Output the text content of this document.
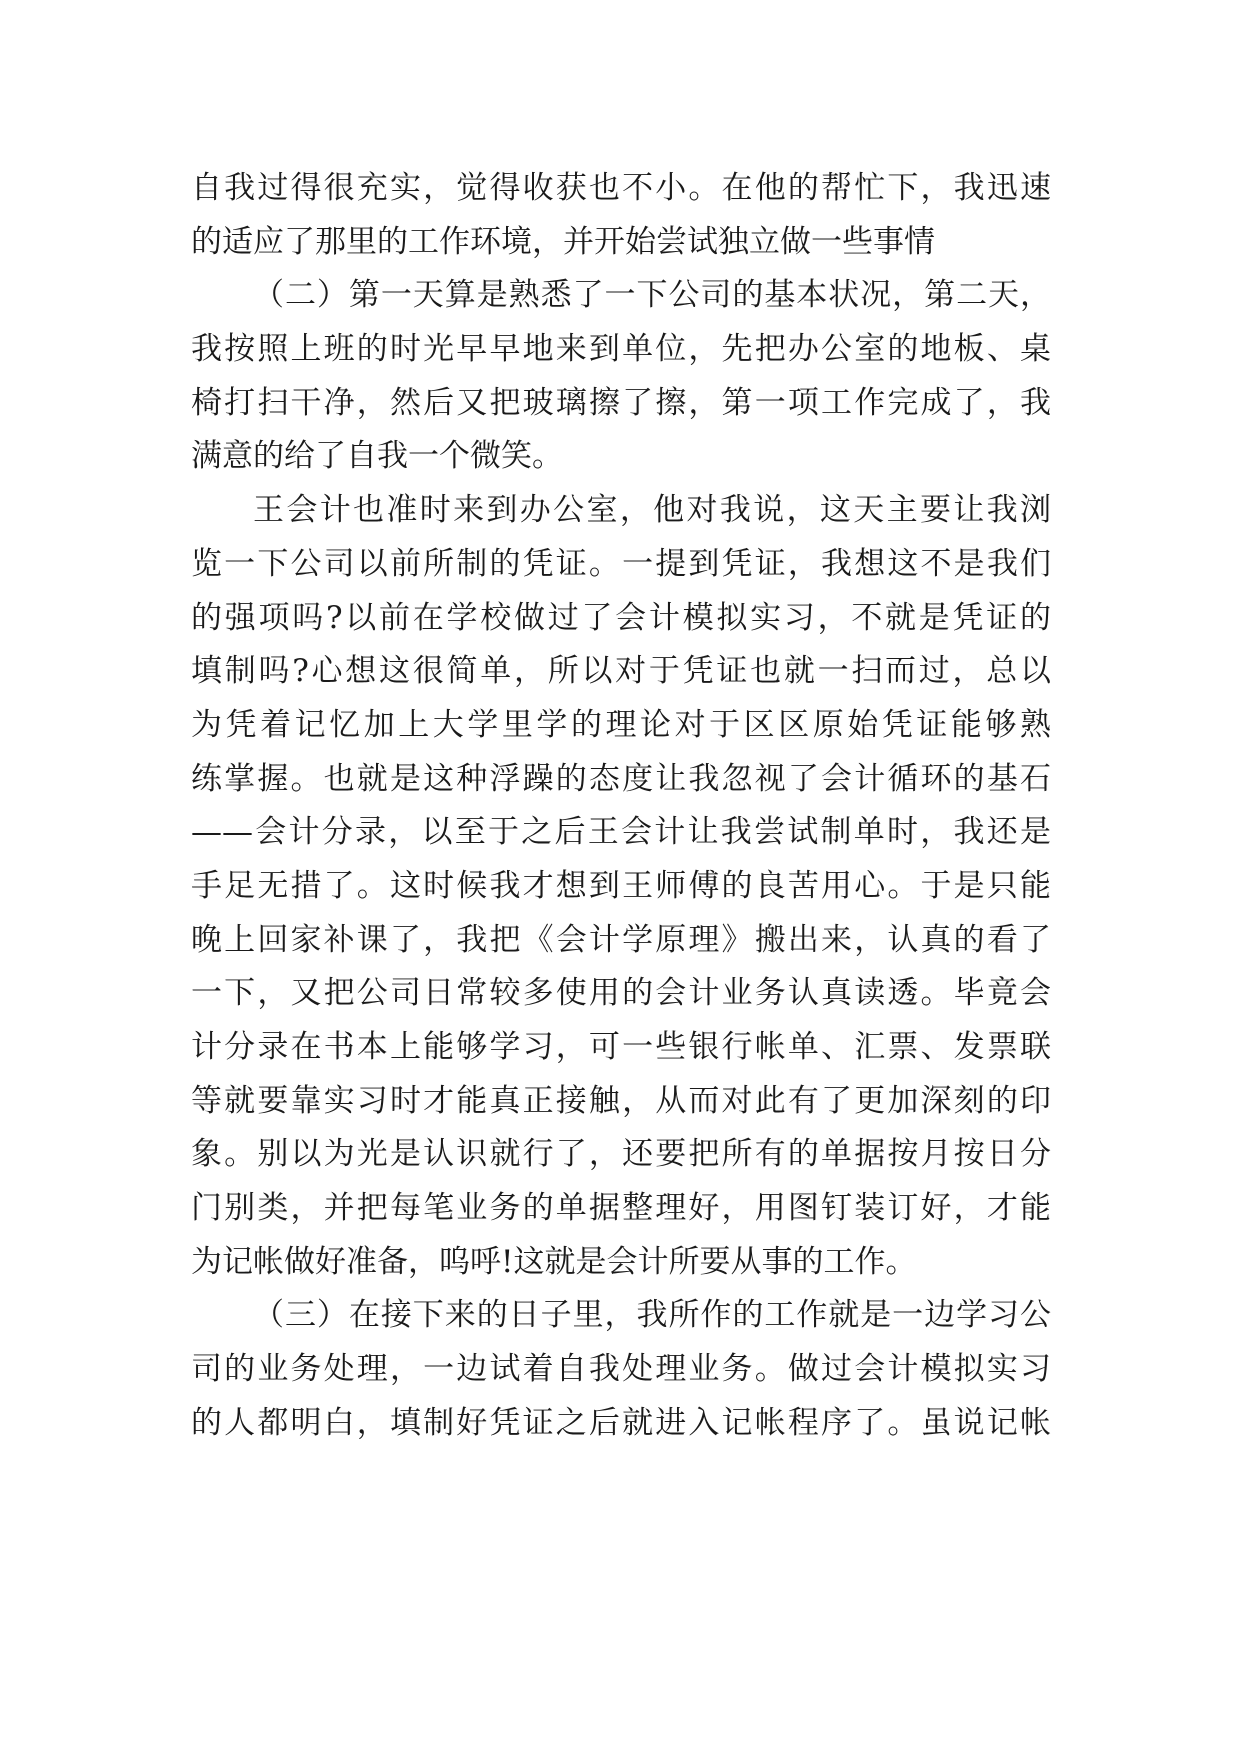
自我过得很充实，觉得收获也不小。在他的帮忙下，我迅速
的适应了那里的工作环境，并开始尝试独立做一些事情
（二）第一天算是熟悉了一下公司的基本状况，第二天，
我按照上班的时光早早地来到单位，先把办公室的地板、桌
椅打扫干净，然后又把玻璃擦了擦，第一项工作完成了，我
满意的给了自我一个微笑。
王会计也准时来到办公室，他对我说，这天主要让我浏
览一下公司以前所制的凭证。一提到凭证，我想这不是我们
的强项吗?以前在学校做过了会计模拟实习，不就是凭证的
填制吗?心想这很简单，所以对于凭证也就一扫而过，总以
为凭着记忆加上大学里学的理论对于区区原始凭证能够熟
练掌握。也就是这种浮躁的态度让我忽视了会计循环的基石
——会计分录，以至于之后王会计让我尝试制单时，我还是
手足无措了。这时候我才想到王师傅的良苦用心。于是只能
晚上回家补课了，我把《会计学原理》搬出来，认真的看了
一下，又把公司日常较多使用的会计业务认真读透。毕竟会
计分录在书本上能够学习，可一些银行帐单、汇票、发票联
等就要靠实习时才能真正接触，从而对此有了更加深刻的印
象。别以为光是认识就行了，还要把所有的单据按月按日分
门别类，并把每笔业务的单据整理好，用图钉装订好，才能
为记帐做好准备，呜呼!这就是会计所要从事的工作。
（三）在接下来的日子里，我所作的工作就是一边学习公
司的业务处理，一边试着自我处理业务。做过会计模拟实习
的人都明白，填制好凭证之后就进入记帐程序了。虽说记帐
